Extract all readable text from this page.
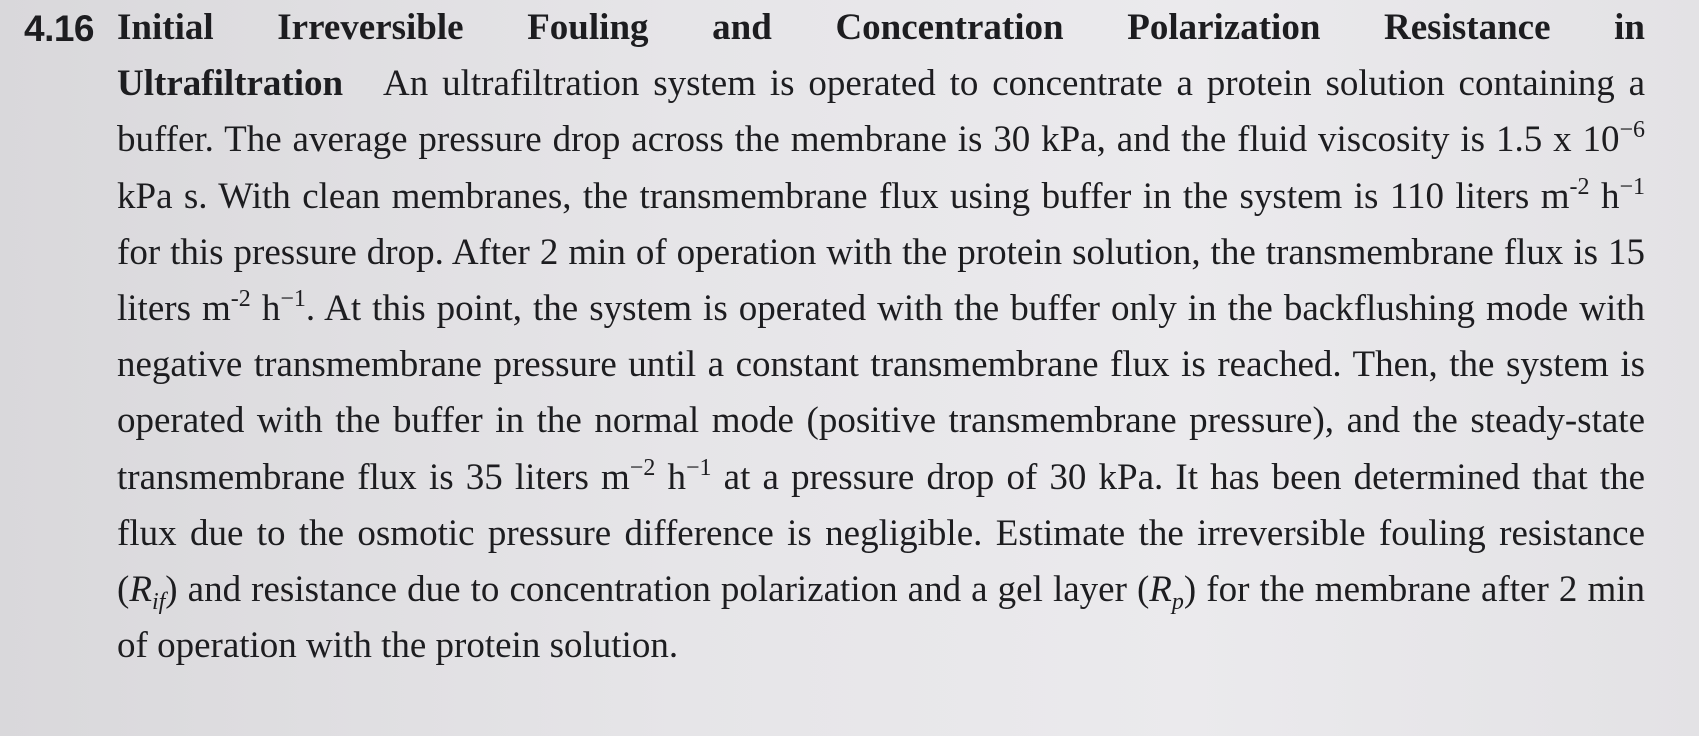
4.16 Initial Irreversible Fouling and Concentration Polarization Resistance in
Ultrafiltration An ultrafiltration system is operated to concentrate a protein solution containing a buffer. The average pressure drop across the membrane is 30 kPa, and the fluid viscosity is 1.5 x $10^{-6}$ kPa s. With clean membranes, the transmembrane flux using buffer in the system is 110 liters $m^{-2}$ $h^{-1}$ for this pressure drop. After 2 min of operation with the protein solution, the transmembrane flux is 15 liters $m^{-2}$ $h^{-1}$. At this point, the system is operated with the buffer only in the backflushing mode with negative transmembrane pressure until a constant transmembrane flux is reached. Then, the system is operated with the buffer in the normal mode (positive transmembrane pressure), and the steady-state transmembrane flux is 35 liters $m^{-2}$ $h^{-1}$ at a pressure drop of 30 kPa. It has been determined that the flux due to the osmotic pressure difference is negligible. Estimate the irreversible fouling resistance $(R_{if})$ and resistance due to concentration polarization and a gel layer $(R_p)$ for the membrane after 2 min of operation with the protein solution.
